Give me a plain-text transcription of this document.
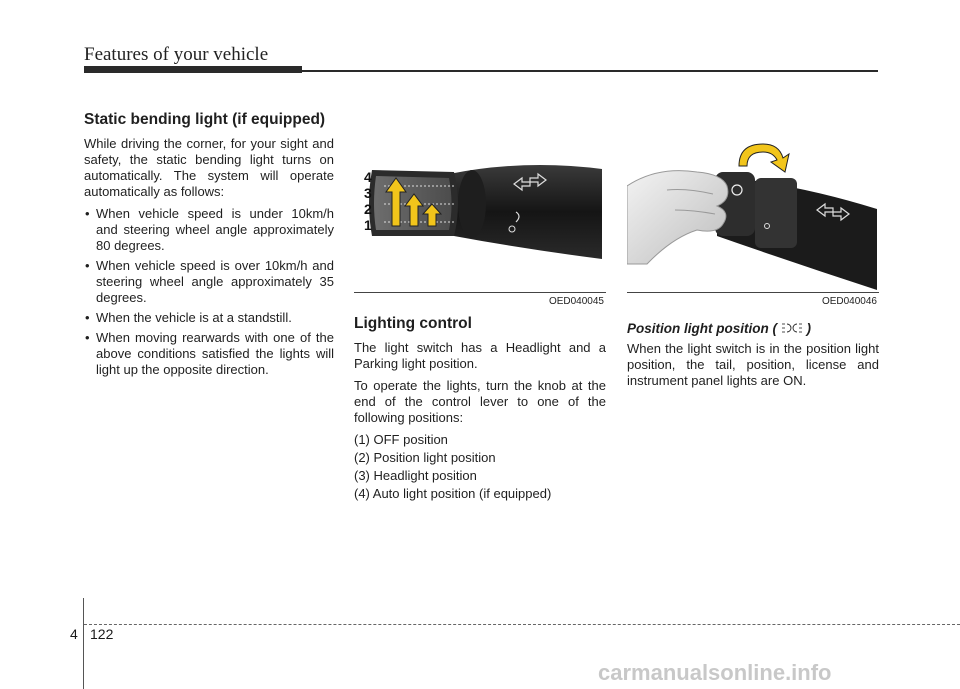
Features of your vehicle
Static bending light (if equipped)

While driving the corner, for your sight and safety, the static bending light turns on automatically. The system will operate automatically as follows:

• When vehicle speed is under 10km/h and steering wheel angle approximately 80 degrees.
• When vehicle speed is over 10km/h and steering wheel angle approximately 35 degrees.
• When the vehicle is at a standstill.
• When moving rearwards with one of the above conditions satisfied the lights will light up the opposite direction.
4
3
2
1
OED040045	OED040046
Lighting control

The light switch has a Headlight and a Parking light position.

To operate the lights, turn the knob at the end of the control lever to one of the following positions:

(1) OFF position
(2) Position light position
(3) Headlight position
(4) Auto light position (if equipped)
Position light position ( )

When the light switch is in the position light position, the tail, position, license and instrument panel lights are ON.

4 122
carmanualsonline.info
